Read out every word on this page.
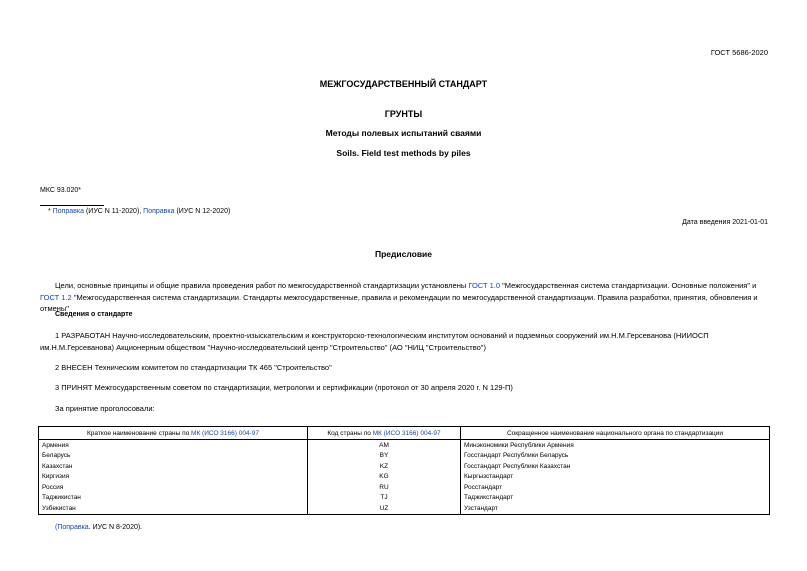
ГОСТ 5686-2020
МЕЖГОСУДАРСТВЕННЫЙ СТАНДАРТ
ГРУНТЫ
Методы полевых испытаний сваями
Soils. Field test methods by piles
МКС 93.020*
* Поправка (ИУС N 11-2020), Поправка (ИУС N 12-2020)
Дата введения 2021-01-01
Предисловие
Цели, основные принципы и общие правила проведения работ по межгосударственной стандартизации установлены ГОСТ 1.0 "Межгосударственная система стандартизации. Основные положения" и ГОСТ 1.2 "Межгосударственная система стандартизации. Стандарты межгосударственные, правила и рекомендации по межгосударственной стандартизации. Правила разработки, принятия, обновления и отмены"
Сведения о стандарте
1 РАЗРАБОТАН Научно-исследовательским, проектно-изыскательским и конструкторско-технологическим институтом оснований и подземных сооружений им.Н.М.Герсеванова (НИИОСП им.Н.М.Герсеванова) Акционерным обществом "Научно-исследовательский центр "Строительство" (АО "НИЦ "Строительство")
2 ВНЕСЕН Техническим комитетом по стандартизации ТК 465 "Строительство"
3 ПРИНЯТ Межгосударственным советом по стандартизации, метрологии и сертификации (протокол от 30 апреля 2020 г. N 129-П)
За принятие проголосовали:
Краткое наименование страны по МК (ИСО 3166) 004-97	Код страны по МК (ИСО 3166) 004-97	Сокращенное наименование национального органа по стандартизации
Армения	AM	Минэкономики Республики Армения
Беларусь	BY	Госстандарт Республики Беларусь
Казахстан	KZ	Госстандарт Республики Казахстан
Киргизия	KG	Кыргызстандарт
Россия	RU	Росстандарт
Таджикистан	TJ	Таджикстандарт
Узбекистан	UZ	Узстандарт
(Поправка. ИУС N 8-2020).
